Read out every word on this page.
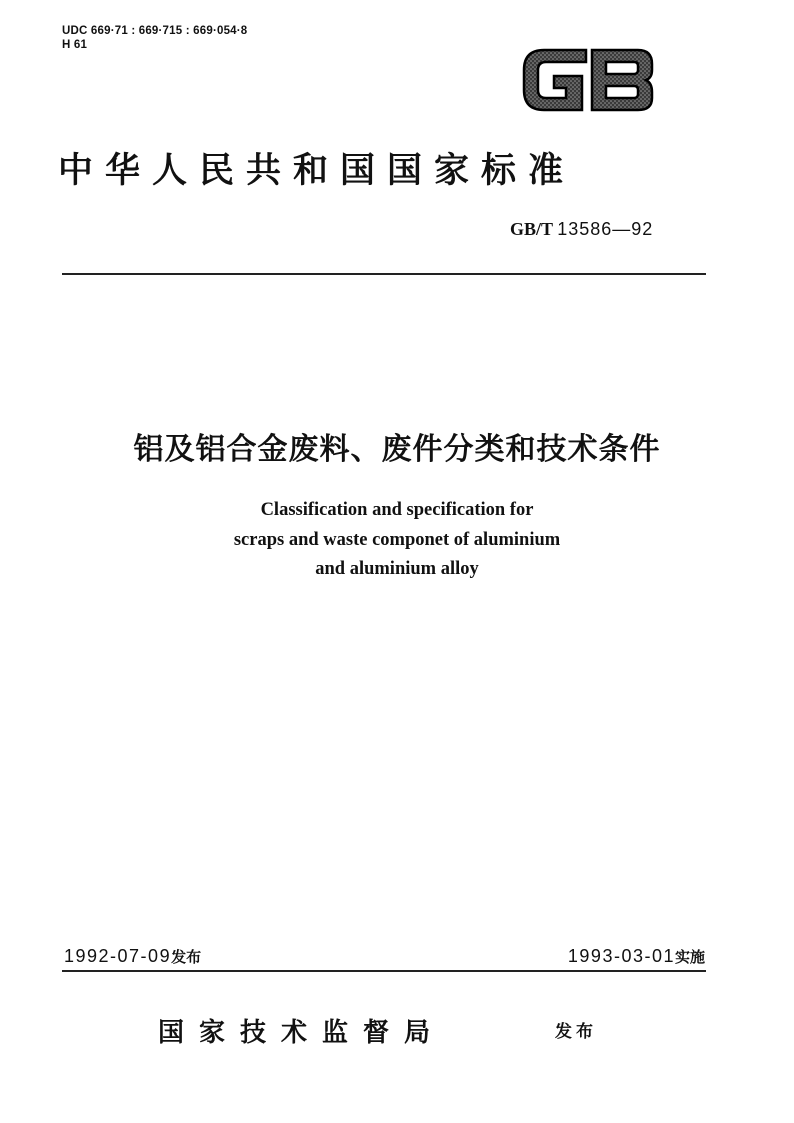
UDC 669·71 : 669·715 : 669·054·8
H 61
中华人民共和国国家标准
GB/T 13586—92
铝及铝合金废料、废件分类和技术条件
Classification and specification for
scraps and waste componet of aluminium
and aluminium alloy
1992-07-09发布	1993-03-01实施
国家技术监督局	发布
